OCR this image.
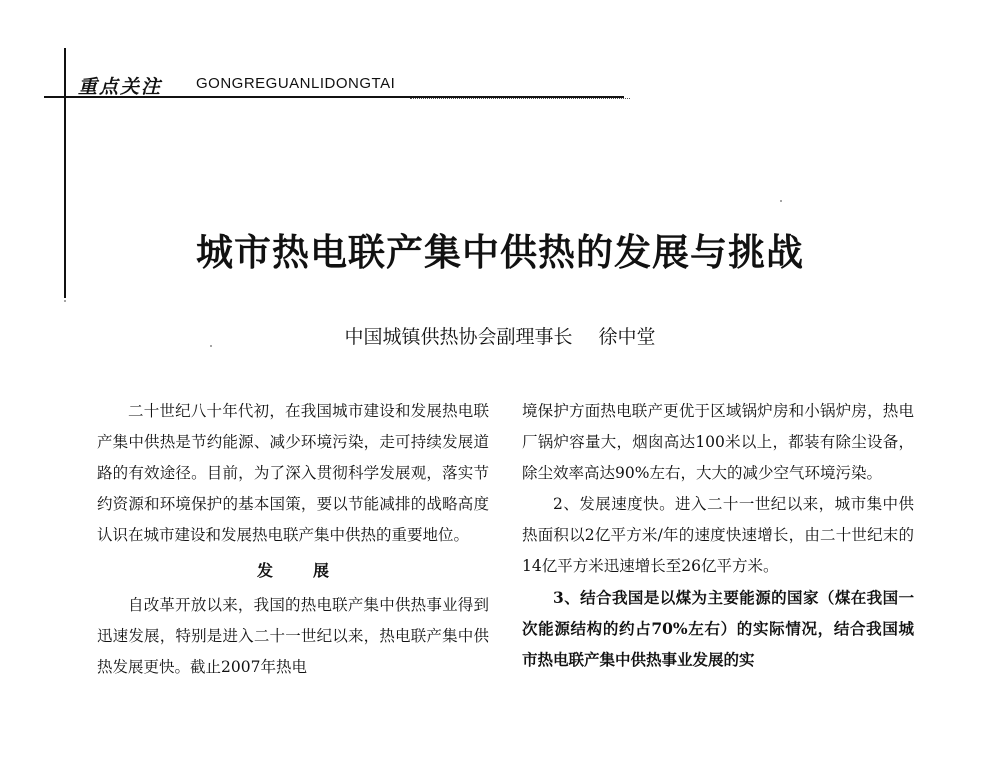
重点关注 GONGREGUANLIDONGTAI
城市热电联产集中供热的发展与挑战
中国城镇供热协会副理事长 徐中堂

二十世纪八十年代初，在我国城市建设和发展热电联产集中供热是节约能源、减少环境污染，走可持续发展道路的有效途径。目前，为了深入贯彻科学发展观，落实节约资源和环境保护的基本国策，要以节能减排的战略高度认识在城市建设和发展热电联产集中供热的重要地位。

发　展

自改革开放以来，我国的热电联产集中供热事业得到迅速发展，特别是进入二十一世纪以来，热电联产集中供热发展更快。截止2007年热电

境保护方面热电联产更优于区域锅炉房和小锅炉房，热电厂锅炉容量大，烟囱高达100米以上，都装有除尘设备，除尘效率高达90%左右，大大的减少空气环境污染。

2、发展速度快。进入二十一世纪以来，城市集中供热面积以2亿平方米/年的速度快速增长，由二十世纪末的14亿平方米迅速增长至26亿平方米。

3、结合我国是以煤为主要能源的国家（煤在我国一次能源结构的约占70%左右）的实际情况，结合我国城市热电联产集中供热事业发展的实
